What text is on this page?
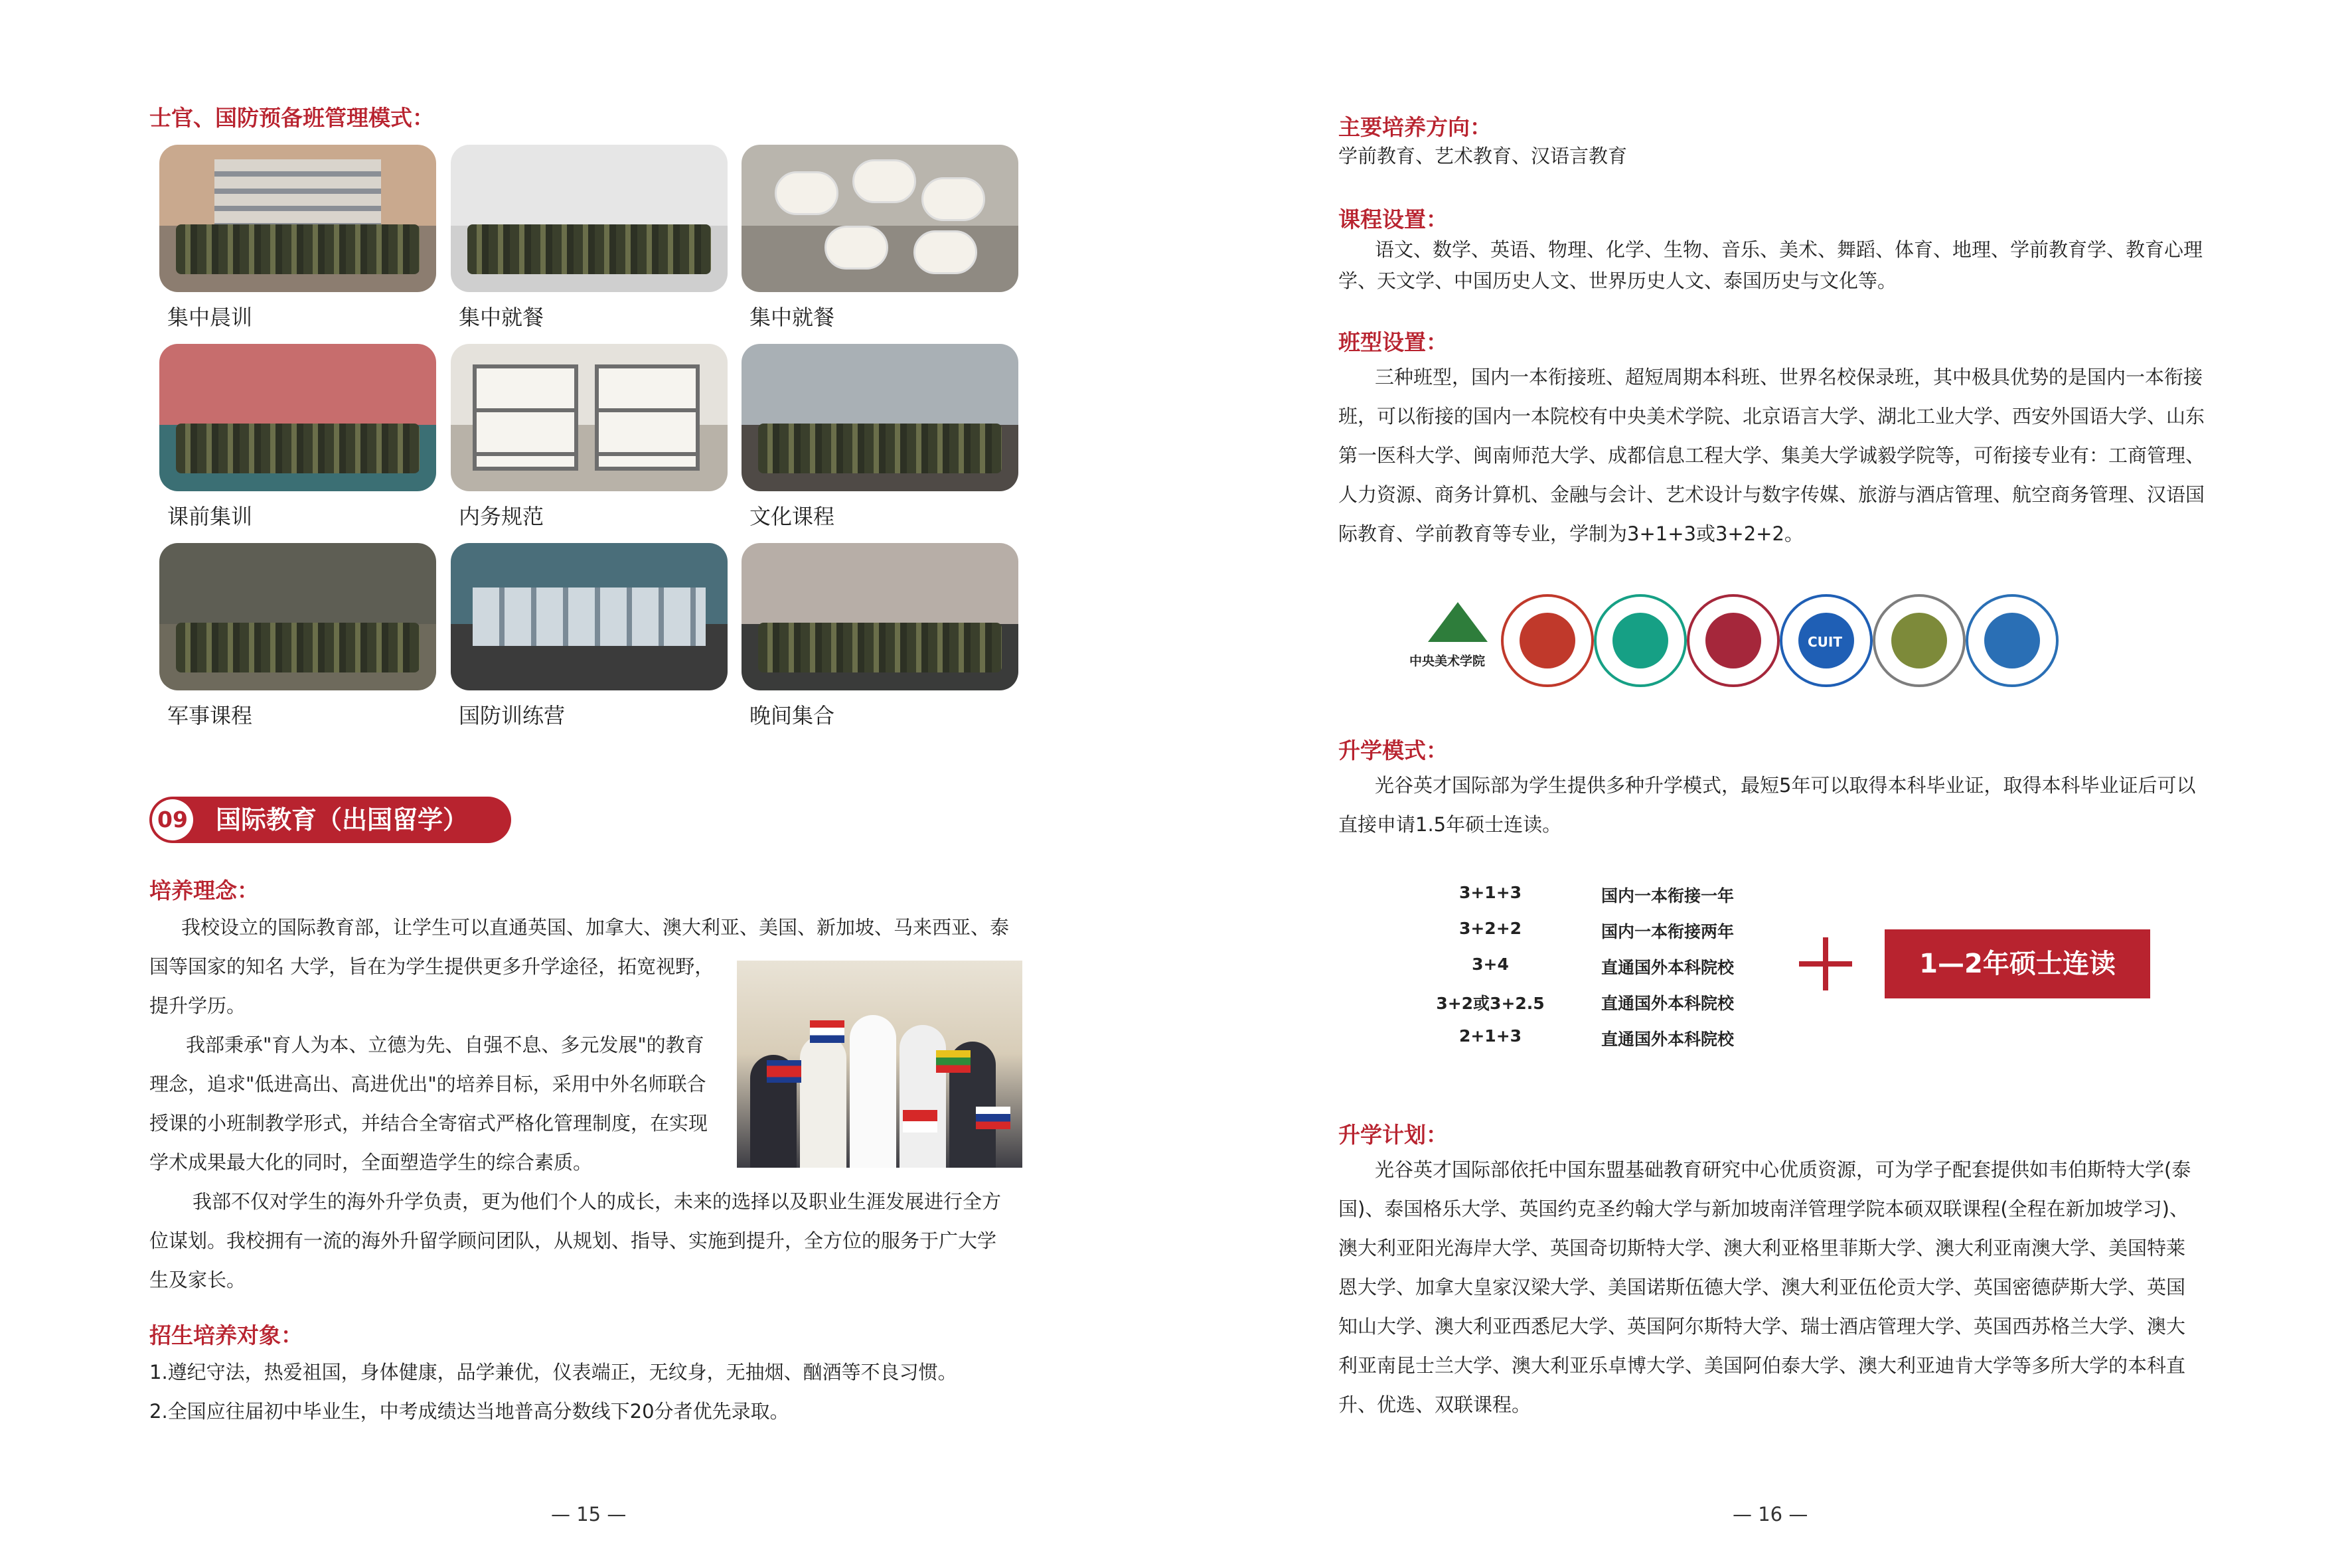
士官、国防预备班管理模式：
集中晨训	集中就餐	集中就餐
课前集训	内务规范	文化课程
军事课程	国防训练营	晚间集合
09 国际教育（出国留学）
培养理念：

我校设立的国际教育部，让学生可以直通英国、加拿大、澳大利亚、美国、新加坡、马来西亚、泰

国等国家的知名 大学，旨在为学生提供更多升学途径，拓宽视野，

提升学历。

我部秉承"育人为本、立德为先、自强不息、多元发展"的教育

理念，追求"低进高出、高进优出"的培养目标，采用中外名师联合

授课的小班制教学形式，并结合全寄宿式严格化管理制度，在实现

学术成果最大化的同时，全面塑造学生的综合素质。

我部不仅对学生的海外升学负责，更为他们个人的成长，未来的选择以及职业生涯发展进行全方

位谋划。我校拥有一流的海外升留学顾问团队，从规划、指导、实施到提升，全方位的服务于广大学

生及家长。

招生培养对象：

1.遵纪守法，热爱祖国，身体健康，品学兼优，仪表端正，无纹身，无抽烟、酗酒等不良习惯。

2.全国应往届初中毕业生，中考成绩达当地普高分数线下20分者优先录取。

— 15 —
主要培养方向：

学前教育、艺术教育、汉语言教育

课程设置：

语文、数学、英语、物理、化学、生物、音乐、美术、舞蹈、体育、地理、学前教育学、教育心理

学、天文学、中国历史人文、世界历史人文、泰国历史与文化等。

班型设置：

三种班型，国内一本衔接班、超短周期本科班、世界名校保录班，其中极具优势的是国内一本衔接

班，可以衔接的国内一本院校有中央美术学院、北京语言大学、湖北工业大学、西安外国语大学、山东

第一医科大学、闽南师范大学、成都信息工程大学、集美大学诚毅学院等，可衔接专业有：工商管理、

人力资源、商务计算机、金融与会计、艺术设计与数字传媒、旅游与酒店管理、航空商务管理、汉语国

际教育、学前教育等专业，学制为3+1+3或3+2+2。

中央美术学院
CUIT
升学模式：

光谷英才国际部为学生提供多种升学模式，最短5年可以取得本科毕业证，取得本科毕业证后可以

直接申请1.5年硕士连读。

3+1+3	国内一本衔接一年
3+2+2	国内一本衔接两年
3+4	直通国外本科院校
3+2或3+2.5	直通国外本科院校
2+1+3	直通国外本科院校
1—2年硕士连读
升学计划：

光谷英才国际部依托中国东盟基础教育研究中心优质资源，可为学子配套提供如韦伯斯特大学(泰

国)、泰国格乐大学、英国约克圣约翰大学与新加坡南洋管理学院本硕双联课程(全程在新加坡学习)、

澳大利亚阳光海岸大学、英国奇切斯特大学、澳大利亚格里菲斯大学、澳大利亚南澳大学、美国特莱

恩大学、加拿大皇家汉梁大学、美国诺斯伍德大学、澳大利亚伍伦贡大学、英国密德萨斯大学、英国

知山大学、澳大利亚西悉尼大学、英国阿尔斯特大学、瑞士酒店管理大学、英国西苏格兰大学、澳大

利亚南昆士兰大学、澳大利亚乐卓博大学、美国阿伯泰大学、澳大利亚迪肯大学等多所大学的本科直

升、优选、双联课程。

— 16 —
